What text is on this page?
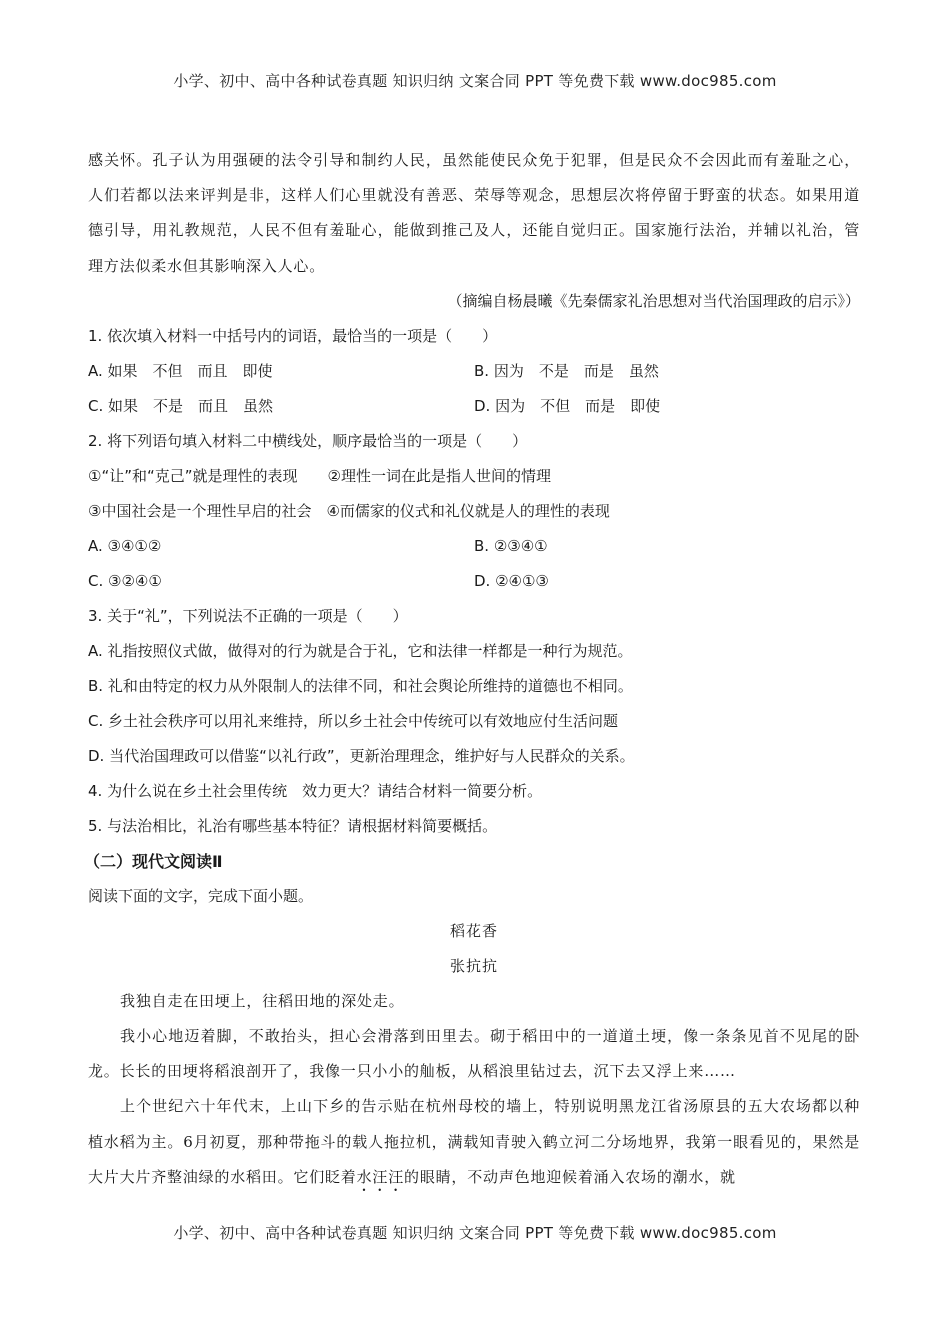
小学、初中、高中各种试卷真题 知识归纳 文案合同 PPT 等免费下载 www.doc985.com

感关怀。孔子认为用强硬的法令引导和制约人民，虽然能使民众免于犯罪，但是民众不会因此而有羞耻之心，人们若都以法来评判是非，这样人们心里就没有善恶、荣辱等观念，思想层次将停留于野蛮的状态。如果用道德引导，用礼教规范，人民不但有羞耻心，能做到推己及人，还能自觉归正。国家施行法治，并辅以礼治，管理方法似柔水但其影响深入人心。

（摘编自杨晨曦《先秦儒家礼治思想对当代治国理政的启示》）

1. 依次填入材料一中括号内的词语，最恰当的一项是（　　）

A. 如果　不但　而且　即使	B. 因为　不是　而是　虽然
C. 如果　不是　而且　虽然	D. 因为　不但　而是　即使

2. 将下列语句填入材料二中横线处，顺序最恰当的一项是（　　）

①“让”和“克己”就是理性的表现　　②理性一词在此是指人世间的情理

③中国社会是一个理性早启的社会　④而儒家的仪式和礼仪就是人的理性的表现

A. ③④①②	B. ②③④①
C. ③②④①	D. ②④①③

3. 关于“礼”，下列说法不正确的一项是（　　）

A. 礼指按照仪式做，做得对的行为就是合于礼，它和法律一样都是一种行为规范。

B. 礼和由特定的权力从外限制人的法律不同，和社会舆论所维持的道德也不相同。

C. 乡土社会秩序可以用礼来维持，所以乡土社会中传统可以有效地应付生活问题

D. 当代治国理政可以借鉴“以礼行政”，更新治理理念，维护好与人民群众的关系。

4. 为什么说在乡土社会里传统　效力更大？请结合材料一简要分析。

5. 与法治相比，礼治有哪些基本特征？请根据材料简要概括。

（二）现代文阅读Ⅱ

阅读下面的文字，完成下面小题。

稻花香

张抗抗

我独自走在田埂上，往稻田地的深处走。

我小心地迈着脚，不敢抬头，担心会滑落到田里去。砌于稻田中的一道道土埂，像一条条见首不见尾的卧龙。长长的田埂将稻浪剖开了，我像一只小小的舢板，从稻浪里钻过去，沉下去又浮上来……

上个世纪六十年代末，上山下乡的告示贴在杭州母校的墙上，特别说明黑龙江省汤原县的五大农场都以种植水稻为主。6月初夏，那种带拖斗的载人拖拉机，满载知青驶入鹤立河二分场地界，我第一眼看见的，果然是大片大片齐整油绿的水稻田。它们眨着水汪汪的眼睛，不动声色地迎候着涌入农场的潮水，就

小学、初中、高中各种试卷真题 知识归纳 文案合同 PPT 等免费下载 www.doc985.com
